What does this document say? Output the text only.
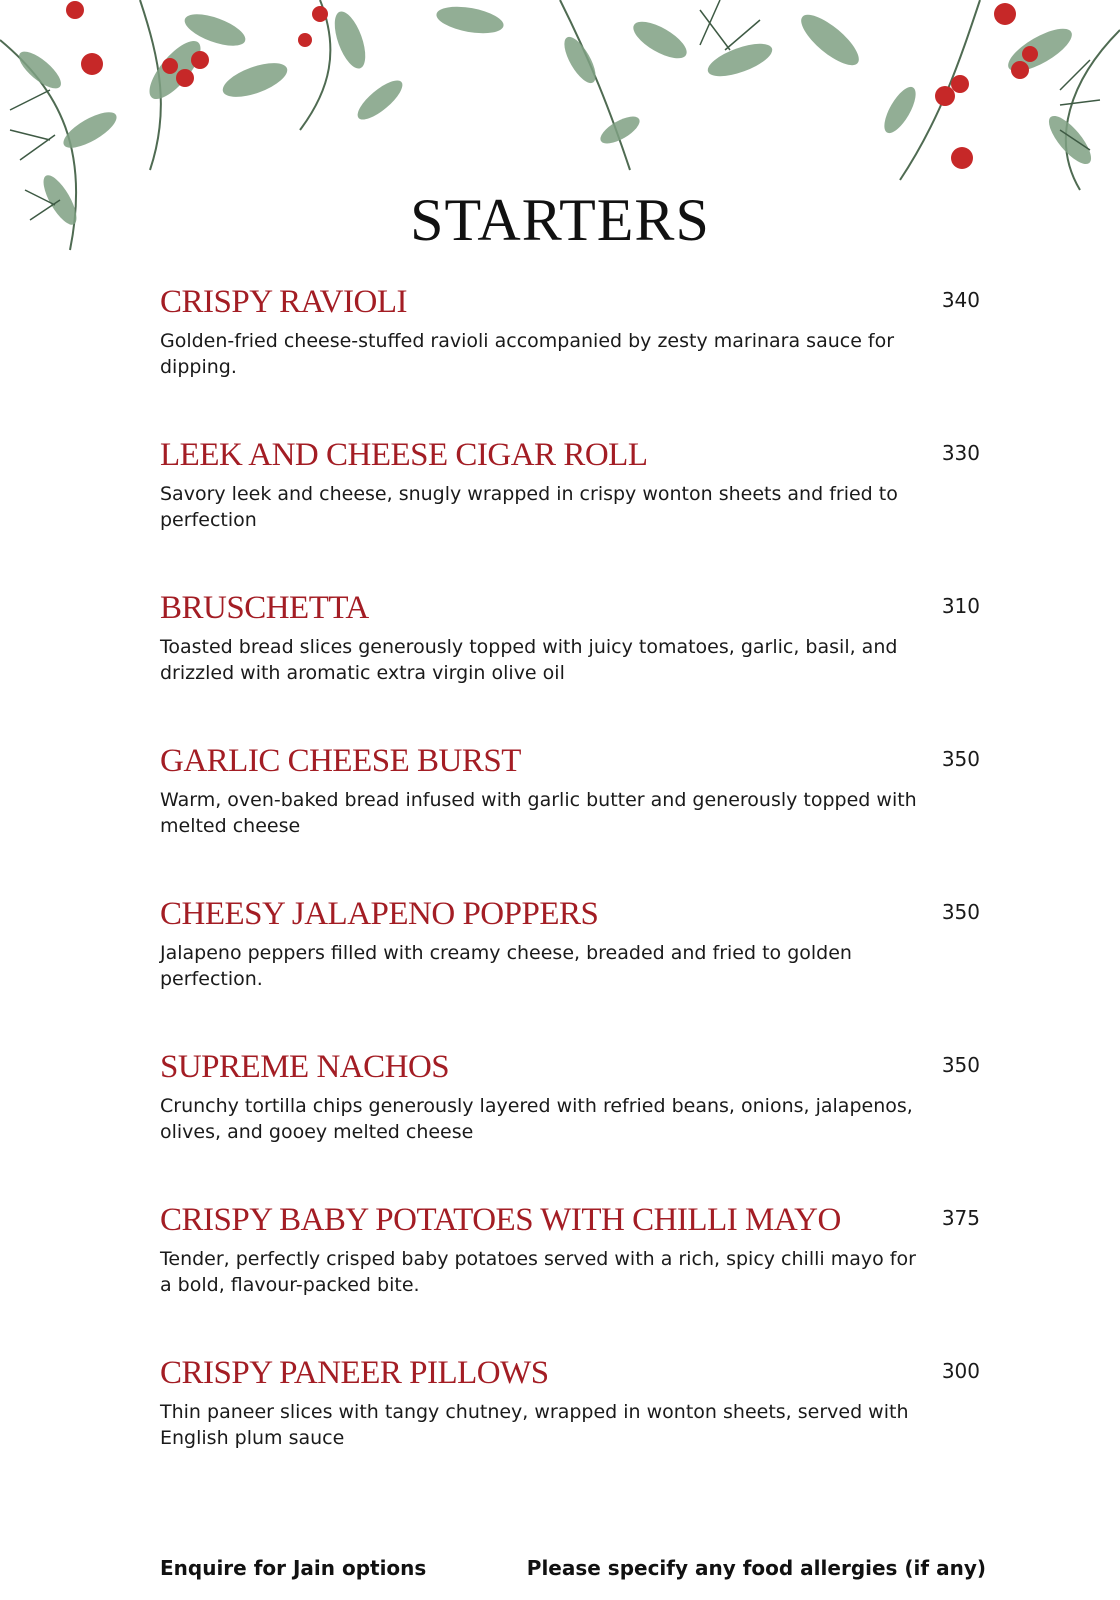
STARTERS
CRISPY RAVIOLI	340

Golden-fried cheese-stuffed ravioli accompanied by zesty marinara sauce for dipping.

LEEK AND CHEESE CIGAR ROLL	330

Savory leek and cheese, snugly wrapped in crispy wonton sheets and fried to perfection

BRUSCHETTA	310

Toasted bread slices generously topped with juicy tomatoes, garlic, basil, and drizzled with aromatic extra virgin olive oil

GARLIC CHEESE BURST	350

Warm, oven-baked bread infused with garlic butter and generously topped with melted cheese

CHEESY JALAPENO POPPERS	350

Jalapeno peppers filled with creamy cheese, breaded and fried to golden perfection.

SUPREME NACHOS	350

Crunchy tortilla chips generously layered with refried beans, onions, jalapenos, olives, and gooey melted cheese

CRISPY BABY POTATOES WITH CHILLI MAYO	375

Tender, perfectly crisped baby potatoes served with a rich, spicy chilli mayo for a bold, flavour-packed bite.

CRISPY PANEER PILLOWS	300

Thin paneer slices with tangy chutney, wrapped in wonton sheets, served with English plum sauce

Enquire for Jain options	Please specify any food allergies (if any)
